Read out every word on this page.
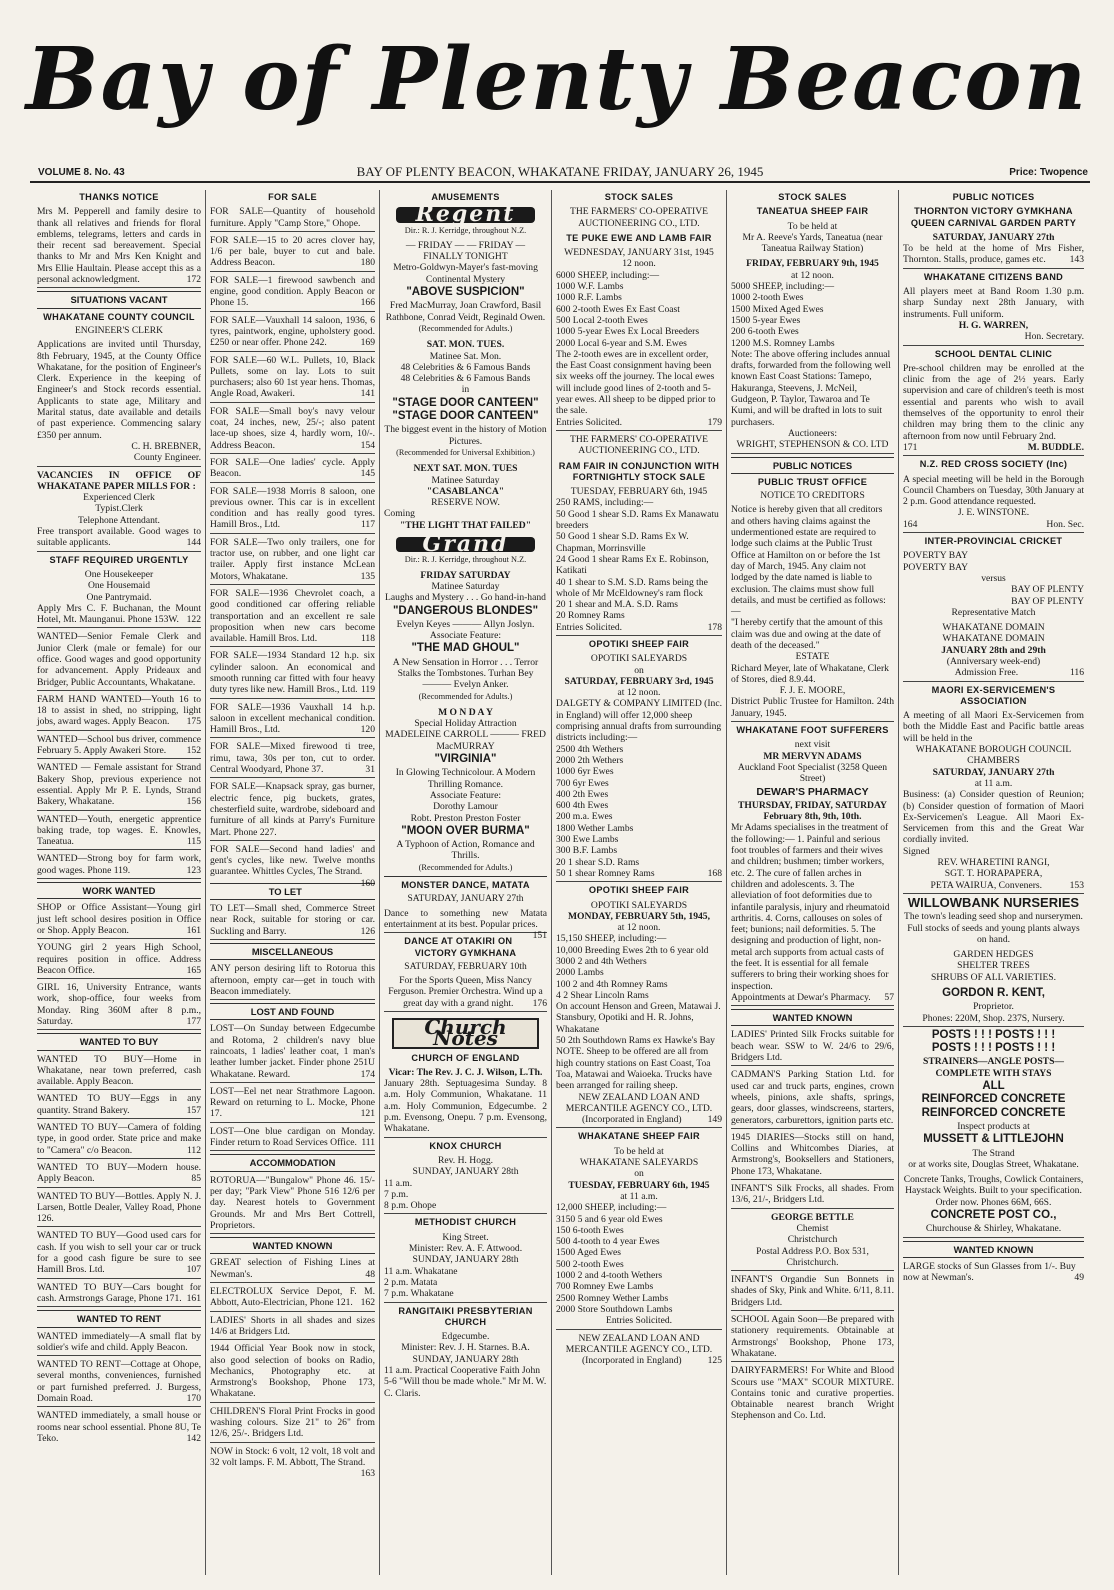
Bay of Plenty Beacon
VOLUME 8. No. 43	BAY OF PLENTY BEACON, WHAKATANE FRIDAY, JANUARY 26, 1945	Price: Twopence
THANKS NOTICE
Mrs M. Pepperell and family desire to thank all relatives and friends for floral emblems, telegrams, letters and cards in their recent sad bereavement. Special thanks to Mr and Mrs Ken Knight and Mrs Ellie Haultain. Please accept this as a personal acknowledgment.	172
SITUATIONS VACANT
WHAKATANE COUNTY COUNCIL
ENGINEER'S CLERK
Applications are invited until Thursday, 8th February, 1945, at the County Office Whakatane, for the position of Engineer's Clerk. Experience in the keeping of Engineer's and Stock records essential. Applicants to state age, Military and Marital status, date available and details of past experience. Commencing salary £350 per annum.
C. H. BREBNER,
County Engineer.
VACANCIES IN OFFICE OF WHAKATANE PAPER MILLS FOR :
Experienced Clerk
Typist.Clerk
Telephone Attendant.
Free transport available. Good wages to suitable applicants.	144
STAFF REQUIRED URGENTLY
One Housekeeper
One Housemaid
One Pantrymaid.
Apply Mrs C. F. Buchanan, the Mount Hotel, Mt. Maunganui. Phone 153W. 122
WANTED—Senior Female Clerk and Junior Clerk (male or female) for our office. Good wages and good opportunity for advancement. Apply Prideaux and Bridger, Public Accountants, Whakatane.
FARM HAND WANTED—Youth 16 to 18 to assist in shed, no stripping, light jobs, award wages. Apply Beacon. 175
WANTED—School bus driver, commence February 5. Apply Awakeri Store. 152
WANTED — Female assistant for Strand Bakery Shop, previous experience not essential. Apply Mr P. E. Lynds, Strand Bakery, Whakatane.	156
WANTED—Youth, energetic apprentice baking trade, top wages. E. Knowles, Taneatua.	115
WANTED—Strong boy for farm work, good wages. Phone 119.	123
WORK WANTED
SHOP or Office Assistant—Young girl just left school desires position in Office or Shop. Apply Beacon.	161
YOUNG girl 2 years High School, requires position in office. Address Beacon Office.	165
GIRL 16, University Entrance, wants work, shop-office, four weeks from Monday. Ring 360M after 8 p.m., Saturday.	177
WANTED TO BUY
WANTED TO BUY—Home in Whakatane, near town preferred, cash available. Apply Beacon.
WANTED TO BUY—Eggs in any quantity. Strand Bakery.	157
WANTED TO BUY—Camera of folding type, in good order. State price and make to "Camera" c/o Beacon.	112
WANTED TO BUY—Modern house. Apply Beacon.	85
WANTED TO BUY—Bottles. Apply N. J. Larsen, Bottle Dealer, Valley Road, Phone 126.
WANTED TO BUY—Good used cars for cash. If you wish to sell your car or truck for a good cash figure be sure to see Hamill Bros. Ltd.	107
WANTED TO BUY—Cars bought for cash. Armstrongs Garage, Phone 171. 161
WANTED TO RENT
WANTED immediately—A small flat by soldier's wife and child. Apply Beacon.
WANTED TO RENT—Cottage at Ohope, several months, conveniences, furnished or part furnished preferred. J. Burgess, Domain Road.	170
WANTED immediately, a small house or rooms near school essential. Phone 8U, Te Teko.	142
FOR SALE
FOR SALE—Quantity of household furniture. Apply "Camp Store," Ohope.
FOR SALE—15 to 20 acres clover hay, 1/6 per bale, buyer to cut and bale. Address Beacon.	180
FOR SALE—1 firewood sawbench and engine, good condition. Apply Beacon or Phone 15.	166
FOR SALE—Vauxhall 14 saloon, 1936, 6 tyres, paintwork, engine, upholstery good. £250 or near offer. Phone 242.	169
FOR SALE—60 W.L. Pullets, 10, Black Pullets, some on lay. Lots to suit purchasers; also 60 1st year hens. Thomas, Angle Road, Awakeri.	141
FOR SALE—Small boy's navy velour coat, 24 inches, new, 25/-; also patent lace-up shoes, size 4, hardly worn, 10/-. Address Beacon.	154
FOR SALE—One ladies' cycle. Apply Beacon.	145
FOR SALE—1938 Morris 8 saloon, one previous owner. This car is in excellent condition and has really good tyres. Hamill Bros., Ltd.	117
FOR SALE—Two only trailers, one for tractor use, on rubber, and one light car trailer. Apply first instance McLean Motors, Whakatane.	135
FOR SALE—1936 Chevrolet coach, a good conditioned car offering reliable transportation and an excellent re sale proposition when new cars become available. Hamill Bros. Ltd.	118
FOR SALE—1934 Standard 12 h.p. six cylinder saloon. An economical and smooth running car fitted with four heavy duty tyres like new. Hamill Bros., Ltd. 119
FOR SALE—1936 Vauxhall 14 h.p. saloon in excellent mechanical condition. Hamill Bros., Ltd.	120
FOR SALE—Mixed firewood ti tree, rimu, tawa, 30s per ton, cut to order. Central Woodyard, Phone 37.	31
FOR SALE—Knapsack spray, gas burner, electric fence, pig buckets, grates, chesterfield suite, wardrobe, sideboard and furniture of all kinds at Parry's Furniture Mart. Phone 227.
FOR SALE—Second hand ladies' and gent's cycles, like new. Twelve months guarantee. Whittles Cycles, The Strand.
160
TO LET
TO LET—Small shed, Commerce Street near Rock, suitable for storing or car. Suckling and Barry.	126
MISCELLANEOUS
ANY person desiring lift to Rotorua this afternoon, empty car—get in touch with Beacon immediately.
LOST AND FOUND
LOST—On Sunday between Edgecumbe and Rotoma, 2 children's navy blue raincoats, 1 ladies' leather coat, 1 man's leather lumber jacket. Finder phone 251U Whakatane. Reward.	174
LOST—Eel net near Strathmore Lagoon. Reward on returning to L. Mocke, Phone 17.	121
LOST—One blue cardigan on Monday. Finder return to Road Services Office. 111
ACCOMMODATION
ROTORUA—"Bungalow" Phone 46. 15/- per day; "Park View" Phone 516 12/6 per day. Nearest hotels to Government Grounds. Mr and Mrs Bert Cottrell, Proprietors.
WANTED KNOWN
GREAT selection of Fishing Lines at Newman's.	48
ELECTROLUX Service Depot, F. M. Abbott, Auto-Electrician, Phone 121. 162
LADIES' Shorts in all shades and sizes 14/6 at Bridgers Ltd.
1944 Official Year Book now in stock, also good selection of books on Radio, Mechanics, Photography etc. at Armstrong's Bookshop, Phone 173, Whakatane.
CHILDREN'S Floral Print Frocks in good washing colours. Size 21" to 26" from 12/6, 25/-. Bridgers Ltd.
NOW in Stock: 6 volt, 12 volt, 18 volt and 32 volt lamps. F. M. Abbott, The Strand.
163
AMUSEMENTS
Regent
Dir.: R. J. Kerridge, throughout N.Z.
— FRIDAY — — FRIDAY —
FINALLY TONIGHT
Metro-Goldwyn-Mayer's fast-moving Continental Mystery
"ABOVE SUSPICION"
Fred MacMurray, Joan Crawford, Basil Rathbone, Conrad Veidt, Reginald Owen.
(Recommended for Adults.)
SAT. MON. TUES.
Matinee Sat. Mon.
48 Celebrities & 6 Famous Bands
48 Celebrities & 6 Famous Bands
in
"STAGE DOOR CANTEEN"
"STAGE DOOR CANTEEN"
The biggest event in the history of Motion Pictures.
(Recommended for Universal Exhibition.)
NEXT SAT. MON. TUES
Matinee Saturday
"CASABLANCA"
RESERVE NOW.
Coming
"THE LIGHT THAT FAILED"
Grand
Dir.: R. J. Kerridge, throughout N.Z.
FRIDAY SATURDAY
Matinee Saturday
Laughs and Mystery . . . Go hand-in-hand
"DANGEROUS BLONDES"
Evelyn Keyes ——— Allyn Joslyn.
Associate Feature:
"THE MAD GHOUL"
A New Sensation in Horror . . . Terror Stalks the Tombstones. Turhan Bey ——— Evelyn Anker.
(Recommended for Adults.)
M O N D A Y
Special Holiday Attraction
MADELEINE CARROLL ——— FRED MacMURRAY
"VIRGINIA"
In Glowing Technicolour. A Modern Thrilling Romance.
Associate Feature:
Dorothy Lamour
Robt. Preston Preston Foster
"MOON OVER BURMA"
A Typhoon of Action, Romance and Thrills.
(Recommended for Adults.)
MONSTER DANCE, MATATA
SATURDAY, JANUARY 27th
Dance to something new Matata entertainment at its best. Popular prices.
151
DANCE AT OTAKIRI ON VICTORY GYMKHANA
SATURDAY, FEBRUARY 10th
For the Sports Queen, Miss Nancy Ferguson. Premier Orchestra. Wind up a great day with a grand night. 176
Church Notes
CHURCH OF ENGLAND
Vicar: The Rev. J. C. J. Wilson, L.Th.
January 28th. Septuagesima Sunday. 8 a.m. Holy Communion, Whakatane. 11 a.m. Holy Communion, Edgecumbe. 2 p.m. Evensong, Onepu. 7 p.m. Evensong, Whakatane.
KNOX CHURCH
Rev. H. Hogg.
SUNDAY, JANUARY 28th
11 a.m.
7 p.m.
8 p.m. Ohope
METHODIST CHURCH
King Street.
Minister: Rev. A. F. Attwood.
SUNDAY, JANUARY 28th
11 a.m. Whakatane
2 p.m. Matata
7 p.m. Whakatane
RANGITAIKI PRESBYTERIAN CHURCH
Edgecumbe.
Minister: Rev. J. H. Starnes. B.A.
SUNDAY, JANUARY 28th
11 a.m. Practical Cooperative Faith John 5-6 "Will thou be made whole." Mr M. W. C. Claris.
STOCK SALES
THE FARMERS' CO-OPERATIVE AUCTIONEERING CO., LTD.
TE PUKE EWE AND LAMB FAIR
WEDNESDAY, JANUARY 31st, 1945
12 noon.
6000 SHEEP, including:—
1000 W.F. Lambs
1000 R.F. Lambs
600 2-tooth Ewes Ex East Coast
500 Local 2-tooth Ewes
1000 5-year Ewes Ex Local Breeders
2000 Local 6-year and S.M. Ewes
The 2-tooth ewes are in excellent order, the East Coast consignment having been six weeks off the journey. The local ewes will include good lines of 2-tooth and 5-year ewes. All sheep to be dipped prior to the sale.
Entries Solicited.	179
THE FARMERS' CO-OPERATIVE AUCTIONEERING CO., LTD.
RAM FAIR IN CONJUNCTION WITH FORTNIGHTLY STOCK SALE
TUESDAY, FEBRUARY 6th, 1945
250 RAMS, including:—
50 Good 1 shear S.D. Rams Ex Manawatu breeders
50 Good 1 shear S.D. Rams Ex W. Chapman, Morrinsville
24 Good 1 shear Rams Ex E. Robinson, Katikati
40 1 shear to S.M. S.D. Rams being the whole of Mr McEldowney's ram flock
20 1 shear and M.A. S.D. Rams
20 Romney Rams
Entries Solicited.	178
OPOTIKI SHEEP FAIR
OPOTIKI SALEYARDS
on
SATURDAY, FEBRUARY 3rd, 1945
at 12 noon.
DALGETY & COMPANY LIMITED (Inc. in England) will offer 12,000 sheep comprising annual drafts from surrounding districts including:—
2500 4th Wethers
2000 2th Wethers
1000 6yr Ewes
700 6yr Ewes
400 2th Ewes
600 4th Ewes
200 m.a. Ewes
1800 Wether Lambs
300 Ewe Lambs
300 B.F. Lambs
20 1 shear S.D. Rams
50 1 shear Romney Rams	168
OPOTIKI SHEEP FAIR
OPOTIKI SALEYARDS
MONDAY, FEBRUARY 5th, 1945,
at 12 noon.
15,150 SHEEP, including:—
10,000 Breeding Ewes 2th to 6 year old
3000 2 and 4th Wethers
2000 Lambs
100 2 and 4th Romney Rams
4 2 Shear Lincoln Rams
On account Henson and Green, Matawai J. Stansbury, Opotiki and H. R. Johns, Whakatane
50 2th Southdown Rams ex Hawke's Bay
NOTE. Sheep to be offered are all from high country stations on East Coast, Toa Toa, Matawai and Waioeka. Trucks have been arranged for railing sheep.
NEW ZEALAND LOAN AND MERCANTILE AGENCY CO., LTD. (Incorporated in England)	149
WHAKATANE SHEEP FAIR
To be held at
WHAKATANE SALEYARDS
on
TUESDAY, FEBRUARY 6th, 1945
at 11 a.m.
12,000 SHEEP, including:—
3150 5 and 6 year old Ewes
150 6-tooth Ewes
500 4-tooth to 4 year Ewes
1500 Aged Ewes
500 2-tooth Ewes
1000 2 and 4-tooth Wethers
700 Romney Ewe Lambs
2500 Romney Wether Lambs
2000 Store Southdown Lambs
Entries Solicited.
NEW ZEALAND LOAN AND MERCANTILE AGENCY CO., LTD. (Incorporated in England)	125
STOCK SALES
TANEATUA SHEEP FAIR
To be held at
Mr A. Reeve's Yards, Taneatua (near Taneatua Railway Station)
FRIDAY, FEBRUARY 9th, 1945
at 12 noon.
5000 SHEEP, including:—
1000 2-tooth Ewes
1500 Mixed Aged Ewes
1500 5-year Ewes
200 6-tooth Ewes
1200 M.S. Romney Lambs
Note: The above offering includes annual drafts, forwarded from the following well known East Coast Stations: Tamepo, Hakuranga, Steevens, J. McNeil, Gudgeon, P. Taylor, Tawaroa and Te Kumi, and will be drafted in lots to suit purchasers.
Auctioneers:
WRIGHT, STEPHENSON & CO. LTD
PUBLIC NOTICES
PUBLIC TRUST OFFICE
NOTICE TO CREDITORS
Notice is hereby given that all creditors and others having claims against the undermentioned estate are required to lodge such claims at the Public Trust Office at Hamilton on or before the 1st day of March, 1945. Any claim not lodged by the date named is liable to exclusion. The claims must show full details, and must be certified as follows:—
"I hereby certify that the amount of this claim was due and owing at the date of death of the deceased."
ESTATE
Richard Meyer, late of Whakatane, Clerk of Stores, died 8.9.44.
F. J. E. MOORE,
District Public Trustee for Hamilton. 24th January, 1945.
WHAKATANE FOOT SUFFERERS
next visit
MR MERVYN ADAMS
Auckland Foot Specialist (3258 Queen Street)
DEWAR'S PHARMACY
THURSDAY, FRIDAY, SATURDAY February 8th, 9th, 10th.
Mr Adams specialises in the treatment of the following:— 1. Painful and serious foot troubles of farmers and their wives and children; bushmen; timber workers, etc. 2. The cure of fallen arches in children and adolescents. 3. The alleviation of foot deformities due to infantile paralysis, injury and rheumatoid arthritis. 4. Corns, callouses on soles of feet; bunions; nail deformities. 5. The designing and production of light, non-metal arch supports from actual casts of the feet. It is essential for all female sufferers to bring their working shoes for inspection.
Appointments at Dewar's Pharmacy. 57
WANTED KNOWN
LADIES' Printed Silk Frocks suitable for beach wear. SSW to W. 24/6 to 29/6, Bridgers Ltd.
CADMAN'S Parking Station Ltd. for used car and truck parts, engines, crown wheels, pinions, axle shafts, springs, gears, door glasses, windscreens, starters, generators, carburettors, ignition parts etc.
1945 DIARIES—Stocks still on hand, Collins and Whitcombes Diaries, at Armstrong's, Booksellers and Stationers, Phone 173, Whakatane.
INFANT'S Silk Frocks, all shades. From 13/6, 21/-, Bridgers Ltd.
GEORGE BETTLE
Chemist
Christchurch
Postal Address P.O. Box 531, Christchurch.
INFANT'S Organdie Sun Bonnets in shades of Sky, Pink and White. 6/11, 8.11. Bridgers Ltd.
SCHOOL Again Soon—Be prepared with stationery requirements. Obtainable at Armstrongs' Bookshop, Phone 173, Whakatane.
DAIRYFARMERS! For White and Blood Scours use "MAX" SCOUR MIXTURE. Contains tonic and curative properties. Obtainable nearest branch Wright Stephenson and Co. Ltd.
PUBLIC NOTICES
THORNTON VICTORY GYMKHANA QUEEN CARNIVAL GARDEN PARTY
SATURDAY, JANUARY 27th
To be held at the home of Mrs Fisher, Thornton. Stalls, produce, games etc. 143
WHAKATANE CITIZENS BAND
All players meet at Band Room 1.30 p.m. sharp Sunday next 28th January, with instruments. Full uniform.
H. G. WARREN,
Hon. Secretary.
SCHOOL DENTAL CLINIC
Pre-school children may be enrolled at the clinic from the age of 2½ years. Early supervision and care of children's teeth is most essential and parents who wish to avail themselves of the opportunity to enrol their children may bring them to the clinic any afternoon from now until February 2nd.
171	M. BUDDLE.
N.Z. RED CROSS SOCIETY (Inc)
A special meeting will be held in the Borough Council Chambers on Tuesday, 30th January at 2 p.m. Good attendance requested.
J. E. WINSTONE.
164	Hon. Sec.
INTER-PROVINCIAL CRICKET
POVERTY BAY
POVERTY BAY
versus
BAY OF PLENTY
BAY OF PLENTY
Representative Match
WHAKATANE DOMAIN
WHAKATANE DOMAIN
JANUARY 28th and 29th
(Anniversary week-end)
Admission Free.	116
MAORI EX-SERVICEMEN'S ASSOCIATION
A meeting of all Maori Ex-Servicemen from both the Middle East and Pacific battle areas will be held in the
WHAKATANE BOROUGH COUNCIL CHAMBERS
SATURDAY, JANUARY 27th
at 11 a.m.
Business: (a) Consider question of Reunion; (b) Consider question of formation of Maori Ex-Servicemen's League. All Maori Ex-Servicemen from this and the Great War cordially invited.
Signed
REV. WHARETINI RANGI,
SGT. T. HORAPAPERA,
PETA WAIRUA, Conveners.	153
WILLOWBANK NURSERIES
The town's leading seed shop and nurserymen. Full stocks of seeds and young plants always on hand.
GARDEN HEDGES
SHELTER TREES
SHRUBS OF ALL VARIETIES.
GORDON R. KENT,
Proprietor.
Phones: 220M, Shop. 237S, Nursery.
POSTS ! ! ! POSTS ! ! !
POSTS ! ! ! POSTS ! ! !
STRAINERS—ANGLE POSTS— COMPLETE WITH STAYS
ALL
REINFORCED CONCRETE
REINFORCED CONCRETE
Inspect products at
MUSSETT & LITTLEJOHN
The Strand
or at works site, Douglas Street, Whakatane.
Concrete Tanks, Troughs, Cowlick Containers, Haystack Weights. Built to your specification. Order now. Phones 66M, 66S.
CONCRETE POST CO.,
Churchouse & Shirley, Whakatane.
WANTED KNOWN
LARGE stocks of Sun Glasses from 1/-. Buy now at Newman's.	49
